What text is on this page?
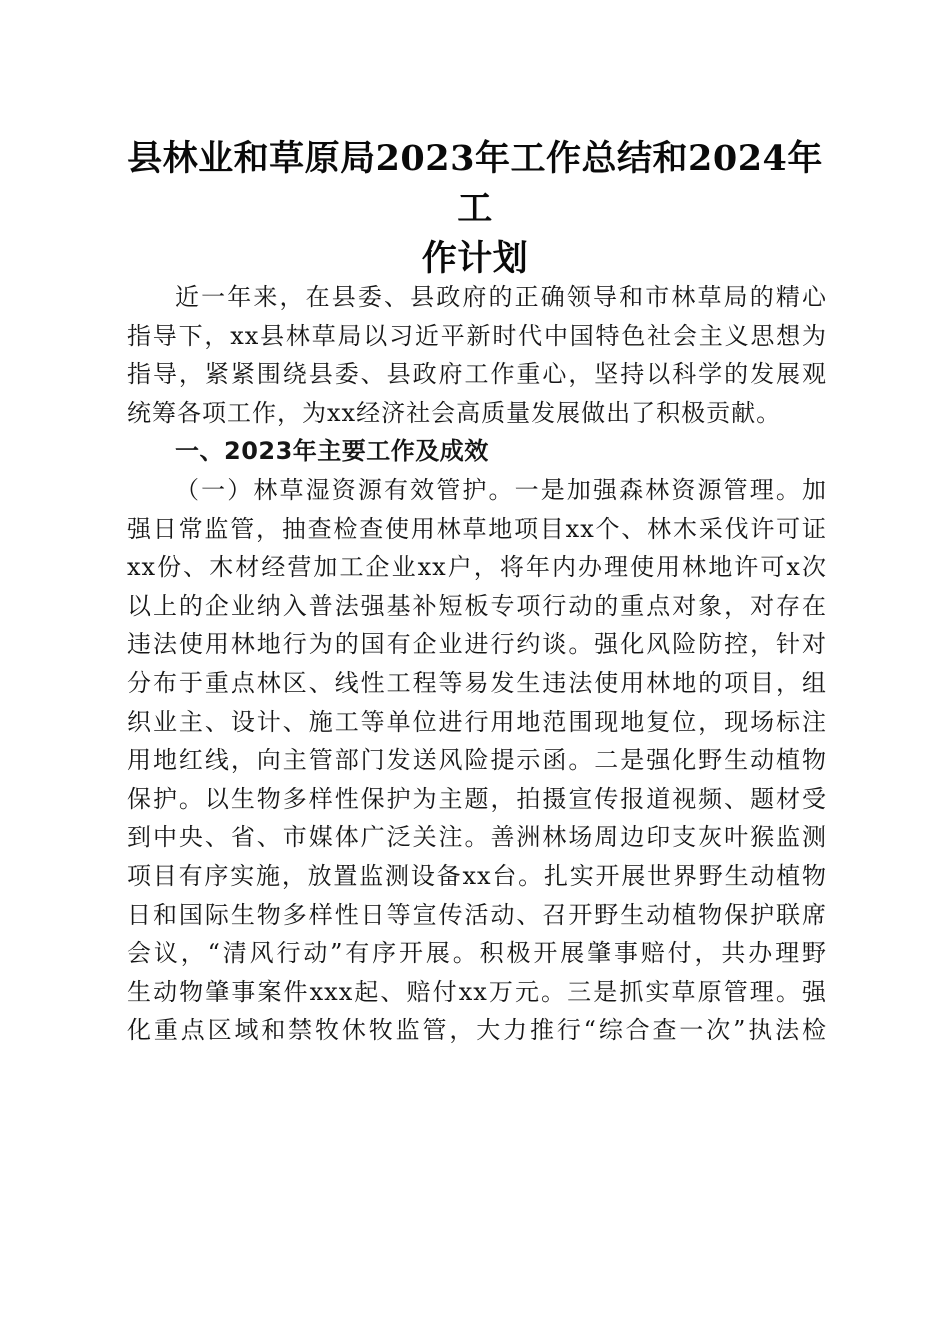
县林业和草原局2023年工作总结和2024年工
作计划
近一年来，在县委、县政府的正确领导和市林草局的精心
指导下，xx县林草局以习近平新时代中国特色社会主义思想为
指导，紧紧围绕县委、县政府工作重心，坚持以科学的发展观
统筹各项工作，为xx经济社会高质量发展做出了积极贡献。
一、2023年主要工作及成效
（一）林草湿资源有效管护。一是加强森林资源管理。加
强日常监管，抽查检查使用林草地项目xx个、林木采伐许可证
xx份、木材经营加工企业xx户，将年内办理使用林地许可x次
以上的企业纳入普法强基补短板专项行动的重点对象，对存在
违法使用林地行为的国有企业进行约谈。强化风险防控，针对
分布于重点林区、线性工程等易发生违法使用林地的项目，组
织业主、设计、施工等单位进行用地范围现地复位，现场标注
用地红线，向主管部门发送风险提示函。二是强化野生动植物
保护。以生物多样性保护为主题，拍摄宣传报道视频、题材受
到中央、省、市媒体广泛关注。善洲林场周边印支灰叶猴监测
项目有序实施，放置监测设备xx台。扎实开展世界野生动植物
日和国际生物多样性日等宣传活动、召开野生动植物保护联席
会议，“清风行动”有序开展。积极开展肇事赔付，共办理野
生动物肇事案件xxx起、赔付xx万元。三是抓实草原管理。强
化重点区域和禁牧休牧监管，大力推行“综合查一次”执法检
